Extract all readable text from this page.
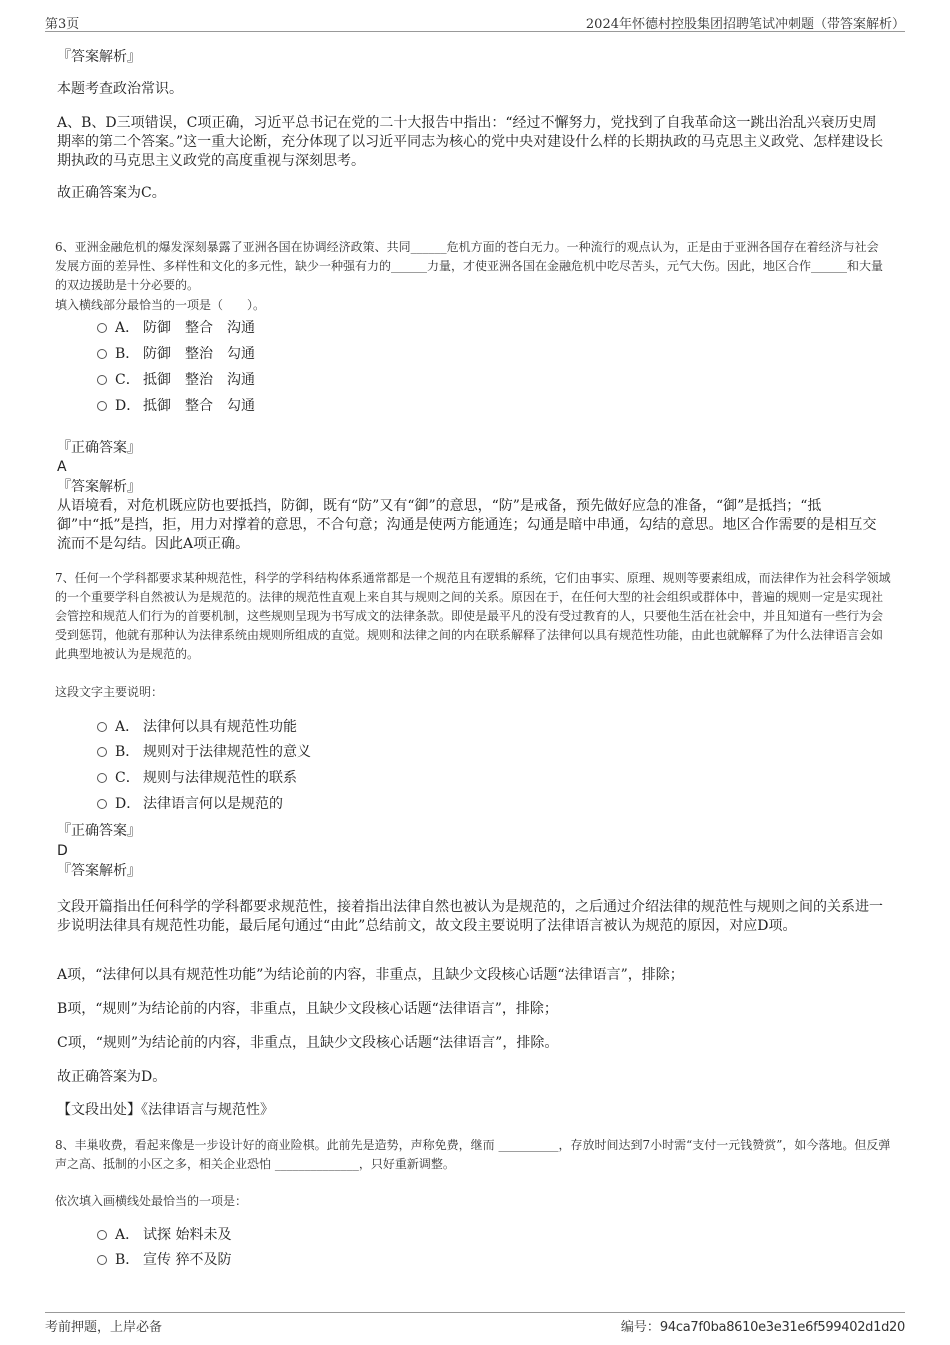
第3页	2024年怀德村控股集团招聘笔试冲刺题（带答案解析）
『答案解析』
本题考查政治常识。
A、B、D三项错误，C项正确，习近平总书记在党的二十大报告中指出：“经过不懈努力，党找到了自我革命这一跳出治乱兴衰历史周期率的第二个答案。”这一重大论断，充分体现了以习近平同志为核心的党中央对建设什么样的长期执政的马克思主义政党、怎样建设长期执政的马克思主义政党的高度重视与深刻思考。
故正确答案为C。
6、亚洲金融危机的爆发深刻暴露了亚洲各国在协调经济政策、共同______危机方面的苍白无力。一种流行的观点认为，正是由于亚洲各国存在着经济与社会发展方面的差异性、多样性和文化的多元性，缺少一种强有力的______力量，才使亚洲各国在金融危机中吃尽苦头，元气大伤。因此，地区合作______和大量的双边援助是十分必要的。
填入横线部分最恰当的一项是（　　）。
A． 防御　整合　沟通
B． 防御　整治　勾通
C． 抵御　整治　沟通
D． 抵御　整合　勾通
『正确答案』
A
『答案解析』
从语境看，对危机既应防也要抵挡，防御，既有“防”又有“御”的意思，“防”是戒备，预先做好应急的准备，“御”是抵挡；“抵御”中“抵”是挡，拒，用力对撑着的意思，不合句意；沟通是使两方能通连；勾通是暗中串通，勾结的意思。地区合作需要的是相互交流而不是勾结。因此A项正确。
7、任何一个学科都要求某种规范性，科学的学科结构体系通常都是一个规范且有逻辑的系统，它们由事实、原理、规则等要素组成，而法律作为社会科学领域的一个重要学科自然被认为是规范的。法律的规范性直观上来自其与规则之间的关系。原因在于，在任何大型的社会组织或群体中，普遍的规则一定是实现社会管控和规范人们行为的首要机制，这些规则呈现为书写成文的法律条款。即使是最平凡的没有受过教育的人，只要他生活在社会中，并且知道有一些行为会受到惩罚，他就有那种认为法律系统由规则所组成的直觉。规则和法律之间的内在联系解释了法律何以具有规范性功能，由此也就解释了为什么法律语言会如此典型地被认为是规范的。
这段文字主要说明：
A． 法律何以具有规范性功能
B． 规则对于法律规范性的意义
C． 规则与法律规范性的联系
D． 法律语言何以是规范的
『正确答案』
D
『答案解析』
文段开篇指出任何科学的学科都要求规范性，接着指出法律自然也被认为是规范的，之后通过介绍法律的规范性与规则之间的关系进一步说明法律具有规范性功能，最后尾句通过“由此”总结前文，故文段主要说明了法律语言被认为规范的原因，对应D项。
A项，“法律何以具有规范性功能”为结论前的内容，非重点，且缺少文段核心话题“法律语言”，排除；
B项，“规则”为结论前的内容，非重点，且缺少文段核心话题“法律语言”，排除；
C项，“规则”为结论前的内容，非重点，且缺少文段核心话题“法律语言”，排除。
故正确答案为D。
【文段出处】《法律语言与规范性》
8、丰巢收费，看起来像是一步设计好的商业险棋。此前先是造势，声称免费，继而 __________，存放时间达到7小时需“支付一元钱赞赏”，如今落地。但反弹声之高、抵制的小区之多，相关企业恐怕 ______________，只好重新调整。
依次填入画横线处最恰当的一项是：
A． 试探 始料未及
B． 宣传 猝不及防
考前押题，上岸必备	编号：94ca7f0ba8610e3e31e6f599402d1d20
